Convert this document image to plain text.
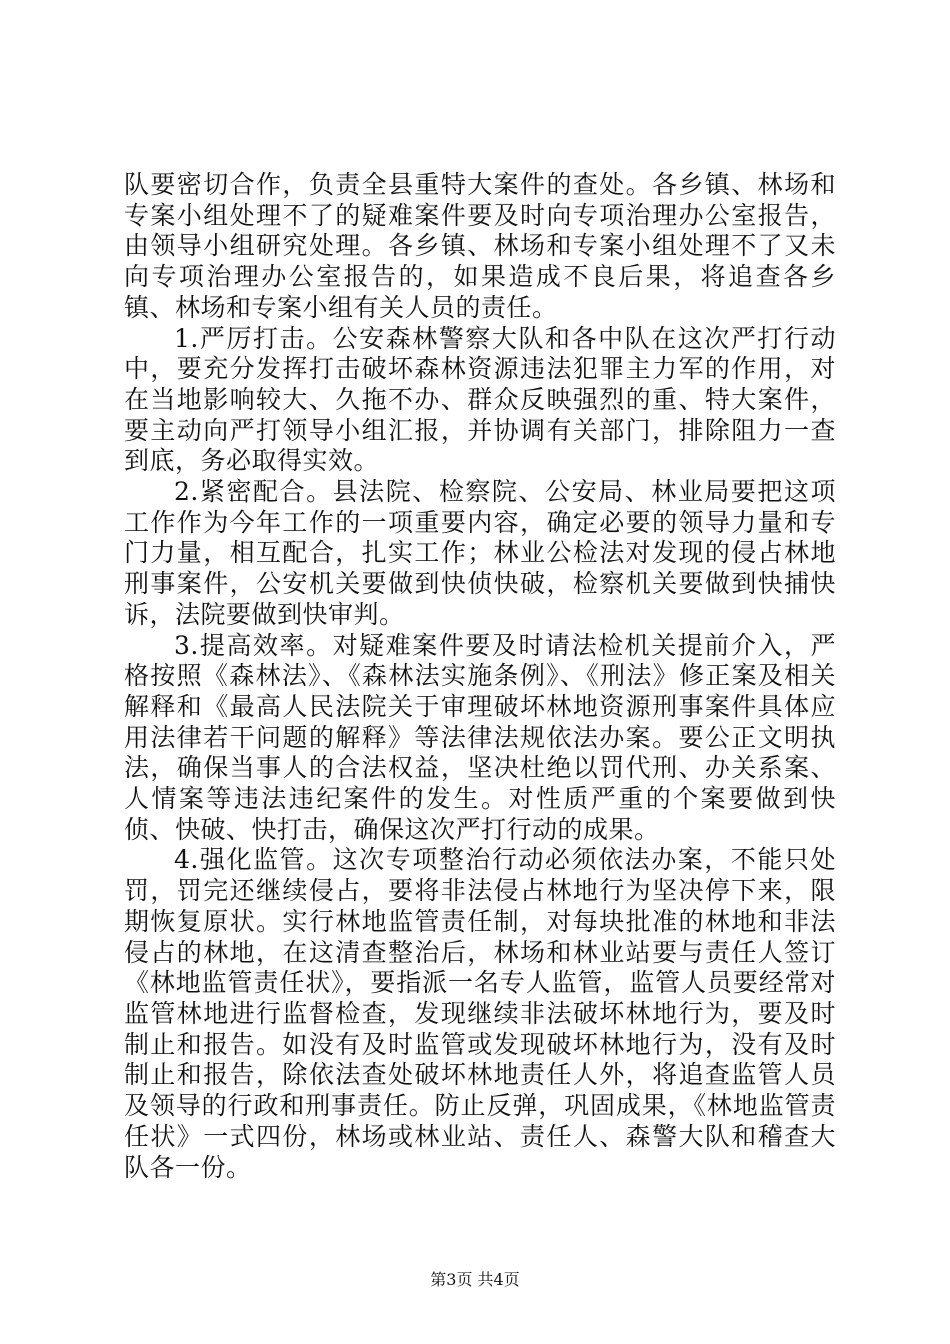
队要密切合作，负责全县重特大案件的查处。各乡镇、林场和专案小组处理不了的疑难案件要及时向专项治理办公室报告，由领导小组研究处理。各乡镇、林场和专案小组处理不了又未向专项治理办公室报告的，如果造成不良后果，将追查各乡镇、林场和专案小组有关人员的责任。

1.严厉打击。公安森林警察大队和各中队在这次严打行动中，要充分发挥打击破坏森林资源违法犯罪主力军的作用，对在当地影响较大、久拖不办、群众反映强烈的重、特大案件，要主动向严打领导小组汇报，并协调有关部门，排除阻力一查到底，务必取得实效。

2.紧密配合。县法院、检察院、公安局、林业局要把这项工作作为今年工作的一项重要内容，确定必要的领导力量和专门力量，相互配合，扎实工作；林业公检法对发现的侵占林地刑事案件，公安机关要做到快侦快破，检察机关要做到快捕快诉，法院要做到快审判。

3.提高效率。对疑难案件要及时请法检机关提前介入，严格按照《森林法》、《森林法实施条例》、《刑法》修正案及相关解释和《最高人民法院关于审理破坏林地资源刑事案件具体应用法律若干问题的解释》等法律法规依法办案。要公正文明执法，确保当事人的合法权益，坚决杜绝以罚代刑、办关系案、人情案等违法违纪案件的发生。对性质严重的个案要做到快侦、快破、快打击，确保这次严打行动的成果。

4.强化监管。这次专项整治行动必须依法办案，不能只处罚，罚完还继续侵占，要将非法侵占林地行为坚决停下来，限期恢复原状。实行林地监管责任制，对每块批准的林地和非法侵占的林地，在这清查整治后，林场和林业站要与责任人签订《林地监管责任状》，要指派一名专人监管，监管人员要经常对监管林地进行监督检查，发现继续非法破坏林地行为，要及时制止和报告。如没有及时监管或发现破坏林地行为，没有及时制止和报告，除依法查处破坏林地责任人外，将追查监管人员及领导的行政和刑事责任。防止反弹，巩固成果，《林地监管责任状》一式四份，林场或林业站、责任人、森警大队和稽查大队各一份。

第3页 共4页
